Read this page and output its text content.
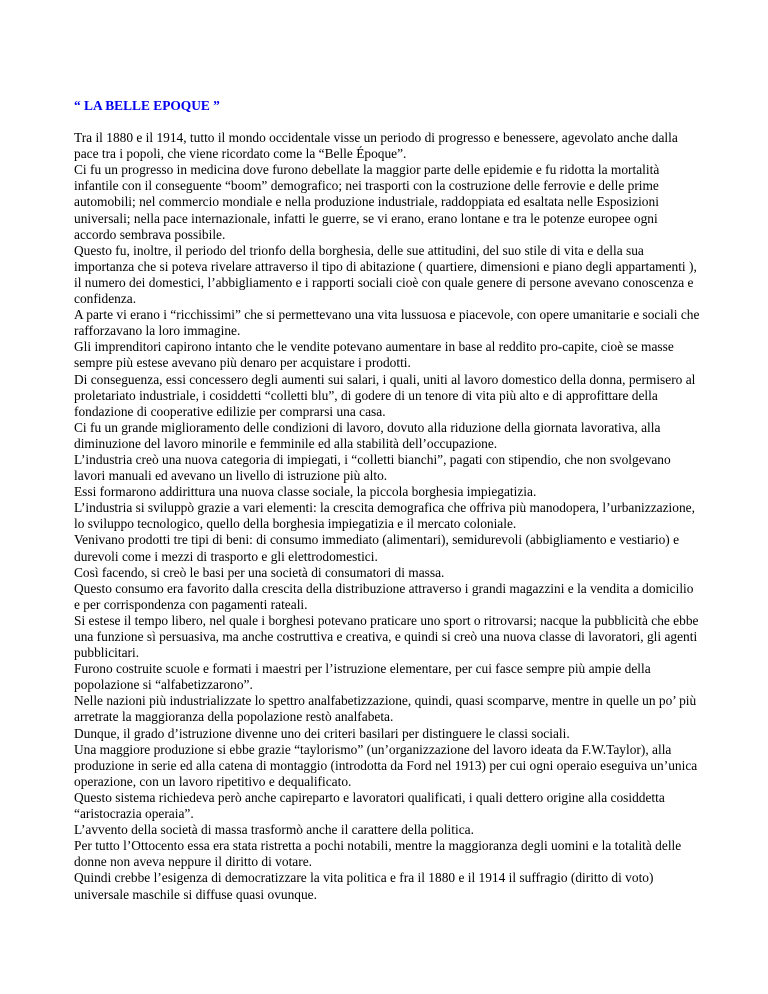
“ LA BELLE EPOQUE ”

Tra il 1880 e il 1914, tutto il mondo occidentale visse un periodo di progresso e benessere, agevolato anche dalla pace tra i popoli, che viene ricordato come la “Belle Époque”.

Ci fu un progresso in medicina dove furono debellate la maggior parte delle epidemie e fu ridotta la mortalità infantile con il conseguente “boom” demografico; nei trasporti con la costruzione delle ferrovie e delle prime automobili; nel commercio mondiale e nella produzione industriale, raddoppiata ed esaltata nelle Esposizioni universali; nella pace internazionale, infatti le guerre, se vi erano, erano lontane e tra le potenze europee ogni accordo sembrava possibile.

Questo fu, inoltre, il periodo del trionfo della borghesia, delle sue attitudini, del suo stile di vita e della sua importanza che si poteva rivelare attraverso il tipo di abitazione ( quartiere, dimensioni e piano degli appartamenti ), il numero dei domestici, l’abbigliamento e i rapporti sociali cioè con quale genere di persone avevano conoscenza e confidenza.

A parte vi erano i “ricchissimi” che si permettevano una vita lussuosa e piacevole, con opere umanitarie e sociali che rafforzavano la loro immagine.

Gli imprenditori capirono intanto che le vendite potevano aumentare in base al reddito pro-capite, cioè se masse sempre più estese avevano più denaro per acquistare i prodotti.

Di conseguenza, essi concessero degli aumenti sui salari, i quali, uniti al lavoro domestico della donna, permisero al proletariato industriale, i cosiddetti “colletti blu”, di godere di un tenore di vita più alto e di approfittare della fondazione di cooperative edilizie per comprarsi una casa.

Ci fu un grande miglioramento delle condizioni di lavoro, dovuto alla riduzione della giornata lavorativa, alla diminuzione del lavoro minorile e femminile ed alla stabilità dell’occupazione.

L’industria creò una nuova categoria di impiegati, i “colletti bianchi”, pagati con stipendio, che non svolgevano lavori manuali ed avevano un livello di istruzione più alto.

Essi formarono addirittura una nuova classe sociale, la piccola borghesia impiegatizia.

L’industria si sviluppò grazie a vari elementi: la crescita demografica che offriva più manodopera, l’urbanizzazione, lo sviluppo tecnologico, quello della borghesia impiegatizia e il mercato coloniale.

Venivano prodotti tre tipi di beni: di consumo immediato (alimentari), semidurevoli (abbigliamento e vestiario) e durevoli come i mezzi di trasporto e gli elettrodomestici.

Così facendo, si creò le basi per una società di consumatori di massa.

Questo consumo era favorito dalla crescita della distribuzione attraverso i grandi magazzini e la vendita a domicilio e per corrispondenza con pagamenti rateali.

Si estese il tempo libero, nel quale i borghesi potevano praticare uno sport o ritrovarsi; nacque la pubblicità che ebbe una funzione sì persuasiva, ma anche costruttiva e creativa, e quindi si creò una nuova classe di lavoratori, gli agenti pubblicitari.

Furono costruite scuole e formati i maestri per l’istruzione elementare, per cui fasce sempre più ampie della popolazione si “alfabetizzarono”.

Nelle nazioni più industrializzate lo spettro analfabetizzazione, quindi, quasi scomparve, mentre in quelle un po’ più arretrate la maggioranza della popolazione restò analfabeta.

Dunque, il grado d’istruzione divenne uno dei criteri basilari per distinguere le classi sociali.

Una maggiore produzione si ebbe grazie “taylorismo” (un’organizzazione del lavoro ideata da F.W.Taylor), alla produzione in serie ed alla catena di montaggio (introdotta da Ford nel 1913) per cui ogni operaio eseguiva un’unica operazione, con un lavoro ripetitivo e dequalificato.

Questo sistema richiedeva però anche capireparto e lavoratori qualificati, i quali dettero origine alla cosiddetta “aristocrazia operaia”.

L’avvento della società di massa trasformò anche il carattere della politica.

Per tutto l’Ottocento essa era stata ristretta a pochi notabili, mentre la maggioranza degli uomini e la totalità delle donne non aveva neppure il diritto di votare.

Quindi crebbe l’esigenza di democratizzare la vita politica e fra il 1880 e il 1914 il suffragio (diritto di voto) universale maschile si diffuse quasi ovunque.
